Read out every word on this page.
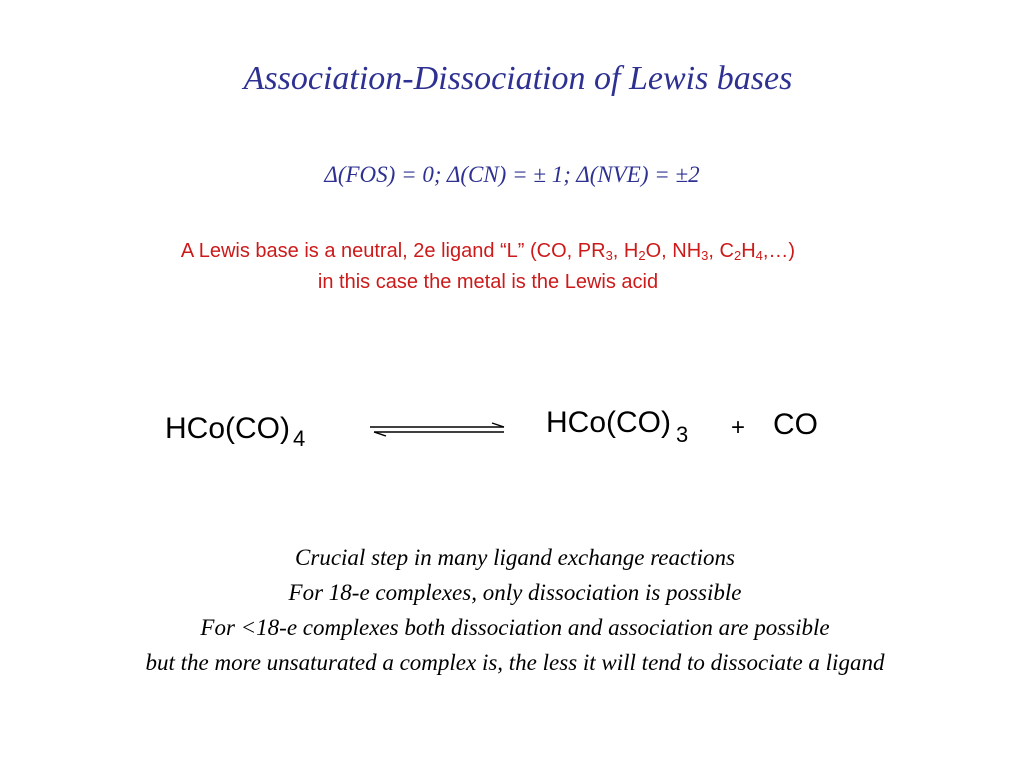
Association-Dissociation of Lewis bases
Δ(FOS) = 0; Δ(CN) = ± 1; Δ(NVE) = ±2
A Lewis base is a neutral, 2e ligand “L” (CO, $PR_3$, $H_2O$, $NH_3$, $C_2H_4,\dots$)
in this case the metal is the Lewis acid
HCo(CO) $_4$	HCo(CO) $_3$ + CO
Crucial step in many ligand exchange reactions
For 18-e complexes, only dissociation is possible
For <18-e complexes both dissociation and association are possible
but the more unsaturated a complex is, the less it will tend to dissociate a ligand
